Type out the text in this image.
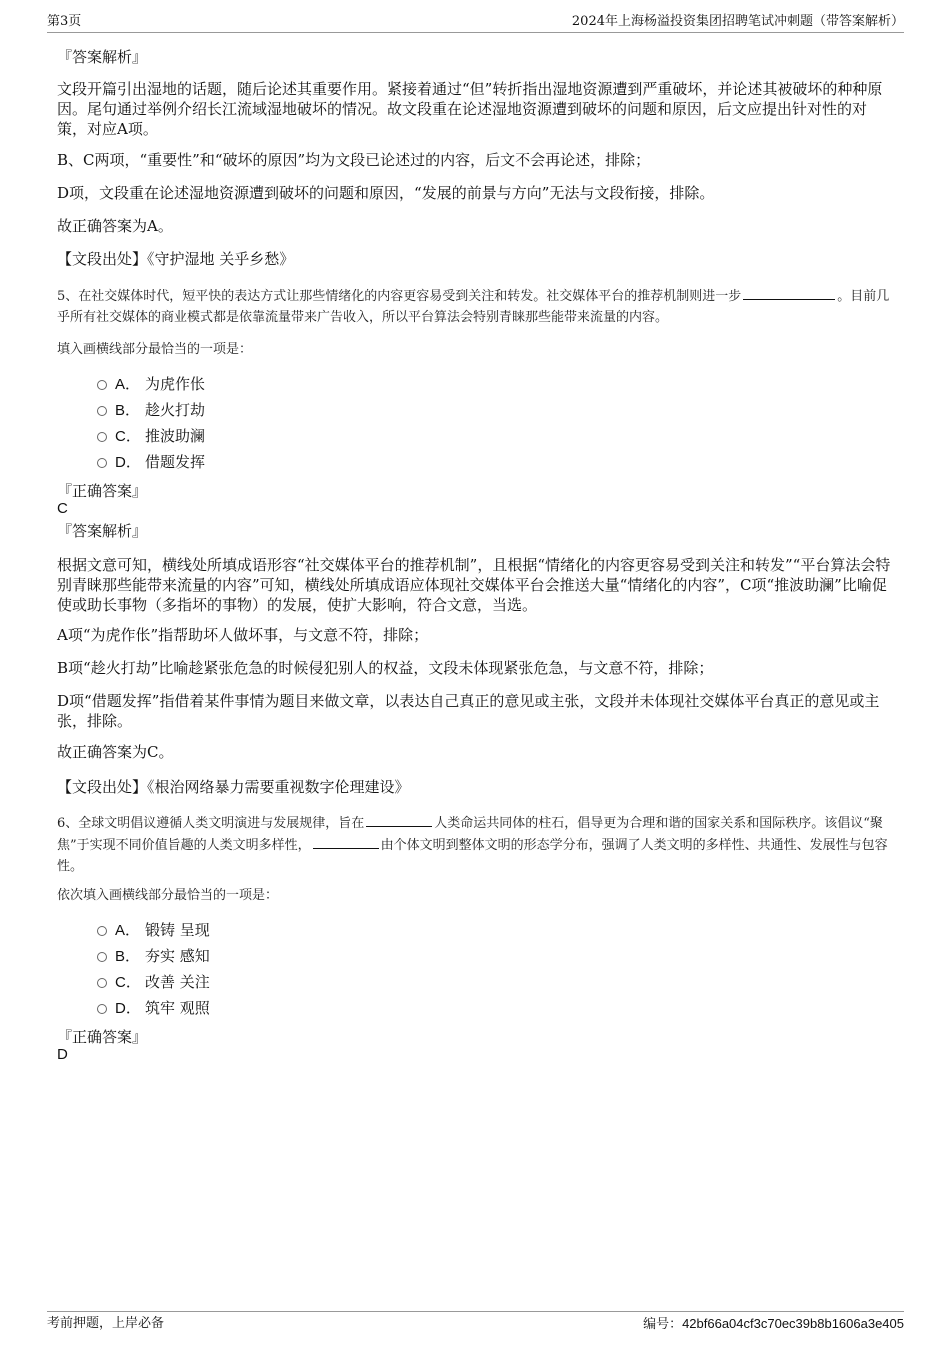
第3页	2024年上海杨溢投资集团招聘笔试冲刺题（带答案解析）
『答案解析』
文段开篇引出湿地的话题，随后论述其重要作用。紧接着通过“但”转折指出湿地资源遭到严重破坏，并论述其被破坏的种种原因。尾句通过举例介绍长江流域湿地破坏的情况。故文段重在论述湿地资源遭到破坏的问题和原因，后文应提出针对性的对策，对应A项。
B、C两项，“重要性”和“破坏的原因”均为文段已论述过的内容，后文不会再论述，排除；
D项，文段重在论述湿地资源遭到破坏的问题和原因，“发展的前景与方向”无法与文段衔接，排除。
故正确答案为A。
【文段出处】《守护湿地 关乎乡愁》
5、在社交媒体时代，短平快的表达方式让那些情绪化的内容更容易受到关注和转发。社交媒体平台的推荐机制则进一步	。目前几乎所有社交媒体的商业模式都是依靠流量带来广告收入，所以平台算法会特别青睐那些能带来流量的内容。
填入画横线部分最恰当的一项是：
A． 为虎作伥
B． 趁火打劫
C． 推波助澜
D． 借题发挥
『正确答案』
C
『答案解析』
根据文意可知，横线处所填成语形容“社交媒体平台的推荐机制”，且根据“情绪化的内容更容易受到关注和转发”“平台算法会特别青睐那些能带来流量的内容”可知，横线处所填成语应体现社交媒体平台会推送大量“情绪化的内容”，C项“推波助澜”比喻促使或助长事物（多指坏的事物）的发展，使扩大影响，符合文意，当选。
A项“为虎作伥”指帮助坏人做坏事，与文意不符，排除；
B项“趁火打劫”比喻趁紧张危急的时候侵犯别人的权益，文段未体现紧张危急，与文意不符，排除；
D项“借题发挥”指借着某件事情为题目来做文章，以表达自己真正的意见或主张，文段并未体现社交媒体平台真正的意见或主张，排除。
故正确答案为C。
【文段出处】《根治网络暴力需要重视数字伦理建设》
6、全球文明倡议遵循人类文明演进与发展规律，旨在	人类命运共同体的柱石，倡导更为合理和谐的国家关系和国际秩序。该倡议“聚焦”于实现不同价值旨趣的人类文明多样性，	由个体文明到整体文明的形态学分布，强调了人类文明的多样性、共通性、发展性与包容性。
依次填入画横线部分最恰当的一项是：
A． 锻铸 呈现
B． 夯实 感知
C． 改善 关注
D． 筑牢 观照
『正确答案』
D
考前押题，上岸必备	编号：42bf66a04cf3c70ec39b8b1606a3e405
